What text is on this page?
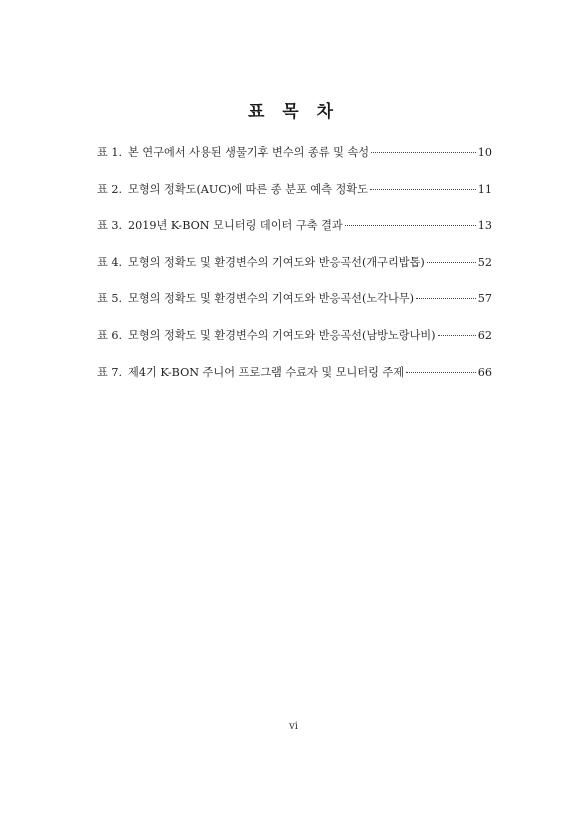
표 목 차
표 1. 본 연구에서 사용된 생물기후 변수의 종류 및 속성	10
표 2. 모형의 정확도(AUC)에 따른 종 분포 예측 정확도	11
표 3. 2019년 K-BON 모니터링 데이터 구축 결과	13
표 4. 모형의 정확도 및 환경변수의 기여도와 반응곡선(개구리밥톱)	52
표 5. 모형의 정확도 및 환경변수의 기여도와 반응곡선(노각나무)	57
표 6. 모형의 정확도 및 환경변수의 기여도와 반응곡선(남방노랑나비)	62
표 7. 제4기 K-BON 주니어 프로그램 수료자 및 모니터링 주제	66
vi
